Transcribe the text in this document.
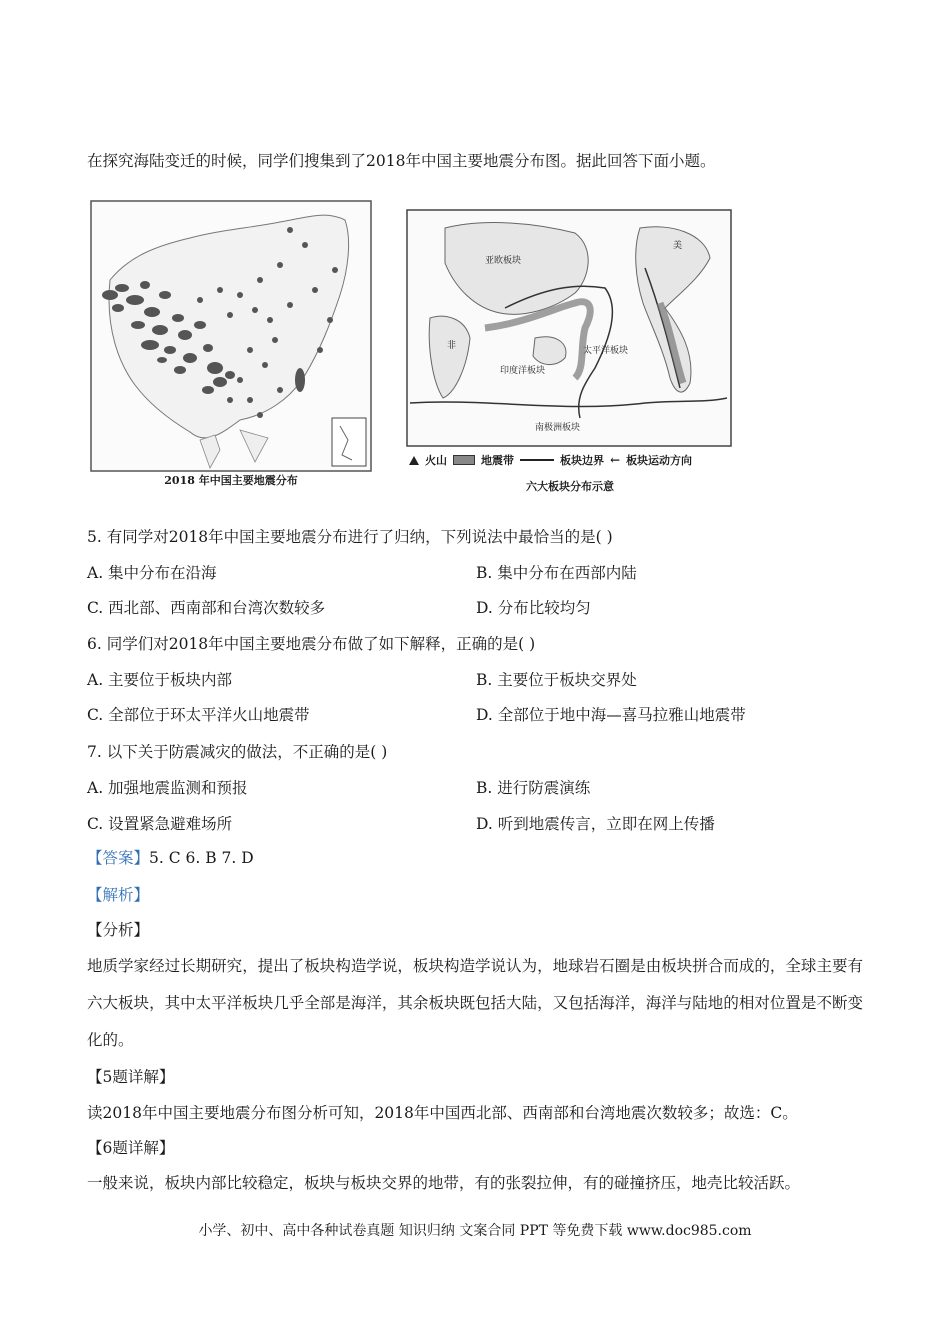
在探究海陆变迁的时候，同学们搜集到了2018年中国主要地震分布图。据此回答下面小题。
2018 年中国主要地震分布
亚欧板块
太平洋板块
印度洋板块
南极洲板块
非
美
火山	地震带	板块边界 ← 板块运动方向
六大板块分布示意
5. 有同学对2018年中国主要地震分布进行了归纳，下列说法中最恰当的是( )
A. 集中分布在沿海	B. 集中分布在西部内陆
C. 西北部、西南部和台湾次数较多	D. 分布比较均匀
6. 同学们对2018年中国主要地震分布做了如下解释，正确的是( )
A. 主要位于板块内部	B. 主要位于板块交界处
C. 全部位于环太平洋火山地震带	D. 全部位于地中海—喜马拉雅山地震带
7. 以下关于防震减灾的做法，不正确的是( )
A. 加强地震监测和预报	B. 进行防震演练
C. 设置紧急避难场所	D. 听到地震传言，立即在网上传播
【答案】5. C 6. B 7. D
【解析】
【分析】
地质学家经过长期研究，提出了板块构造学说，板块构造学说认为，地球岩石圈是由板块拼合而成的，全球主要有六大板块，其中太平洋板块几乎全部是海洋，其余板块既包括大陆，又包括海洋，海洋与陆地的相对位置是不断变化的。
【5题详解】
读2018年中国主要地震分布图分析可知，2018年中国西北部、西南部和台湾地震次数较多；故选：C。
【6题详解】
一般来说，板块内部比较稳定，板块与板块交界的地带，有的张裂拉伸，有的碰撞挤压，地壳比较活跃。
小学、初中、高中各种试卷真题 知识归纳 文案合同 PPT 等免费下载 www.doc985.com
